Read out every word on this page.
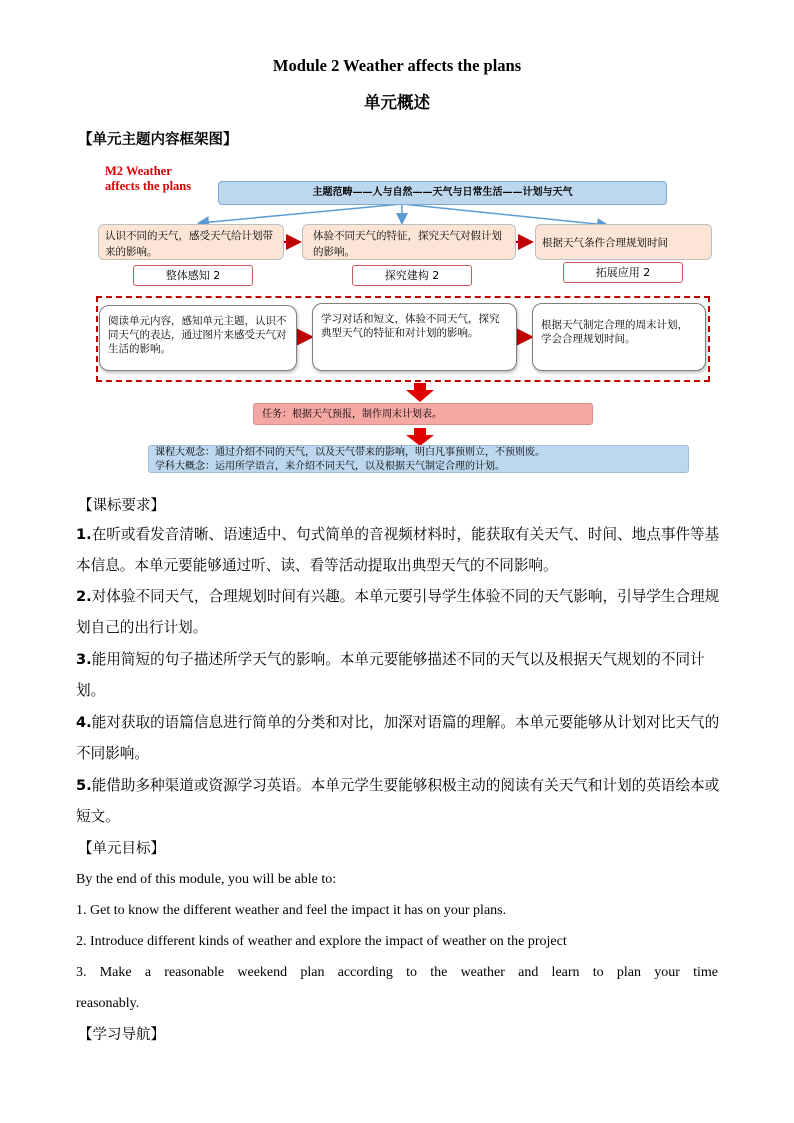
Module 2 Weather affects the plans
单元概述
【单元主题内容框架图】
M2 Weather
affects the plans	主题范畴——人与自然——天气与日常生活——计划与天气
认识不同的天气，感受天气给计划带来的影响。
体验不同天气的特征，探究天气对假计划的影响。
根据天气条件合理规划时间
整体感知 2	探究建构 2	拓展应用 2
阅读单元内容，感知单元主题，认识不同天气的表达，通过图片来感受天气对生活的影响。
学习对话和短文，体验不同天气，探究典型天气的特征和对计划的影响。
根据天气制定合理的周末计划，学会合理规划时间。
任务：根据天气预报，制作周末计划表。
课程大观念：通过介绍不同的天气，以及天气带来的影响，明白凡事预则立，不预则废。
学科大概念：运用所学语言，来介绍不同天气，以及根据天气制定合理的计划。
【课标要求】
1.在听或看发音清晰、语速适中、句式简单的音视频材料时，能获取有关天气、时间、地点事件等基本信息。本单元要能够通过听、读、看等活动提取出典型天气的不同影响。
2.对体验不同天气，合理规划时间有兴趣。本单元要引导学生体验不同的天气影响，引导学生合理规划自己的出行计划。
3.能用简短的句子描述所学天气的影响。本单元要能够描述不同的天气以及根据天气规划的不同计划。
4.能对获取的语篇信息进行简单的分类和对比，加深对语篇的理解。本单元要能够从计划对比天气的不同影响。
5.能借助多种渠道或资源学习英语。本单元学生要能够积极主动的阅读有关天气和计划的英语绘本或短文。
【单元目标】
By the end of this module, you will be able to:
1. Get to know the different weather and feel the impact it has on your plans.
2. Introduce different kinds of weather and explore the impact of weather on the project
3. Make a reasonable weekend plan according to the weather and learn to plan your time
reasonably.
【学习导航】
